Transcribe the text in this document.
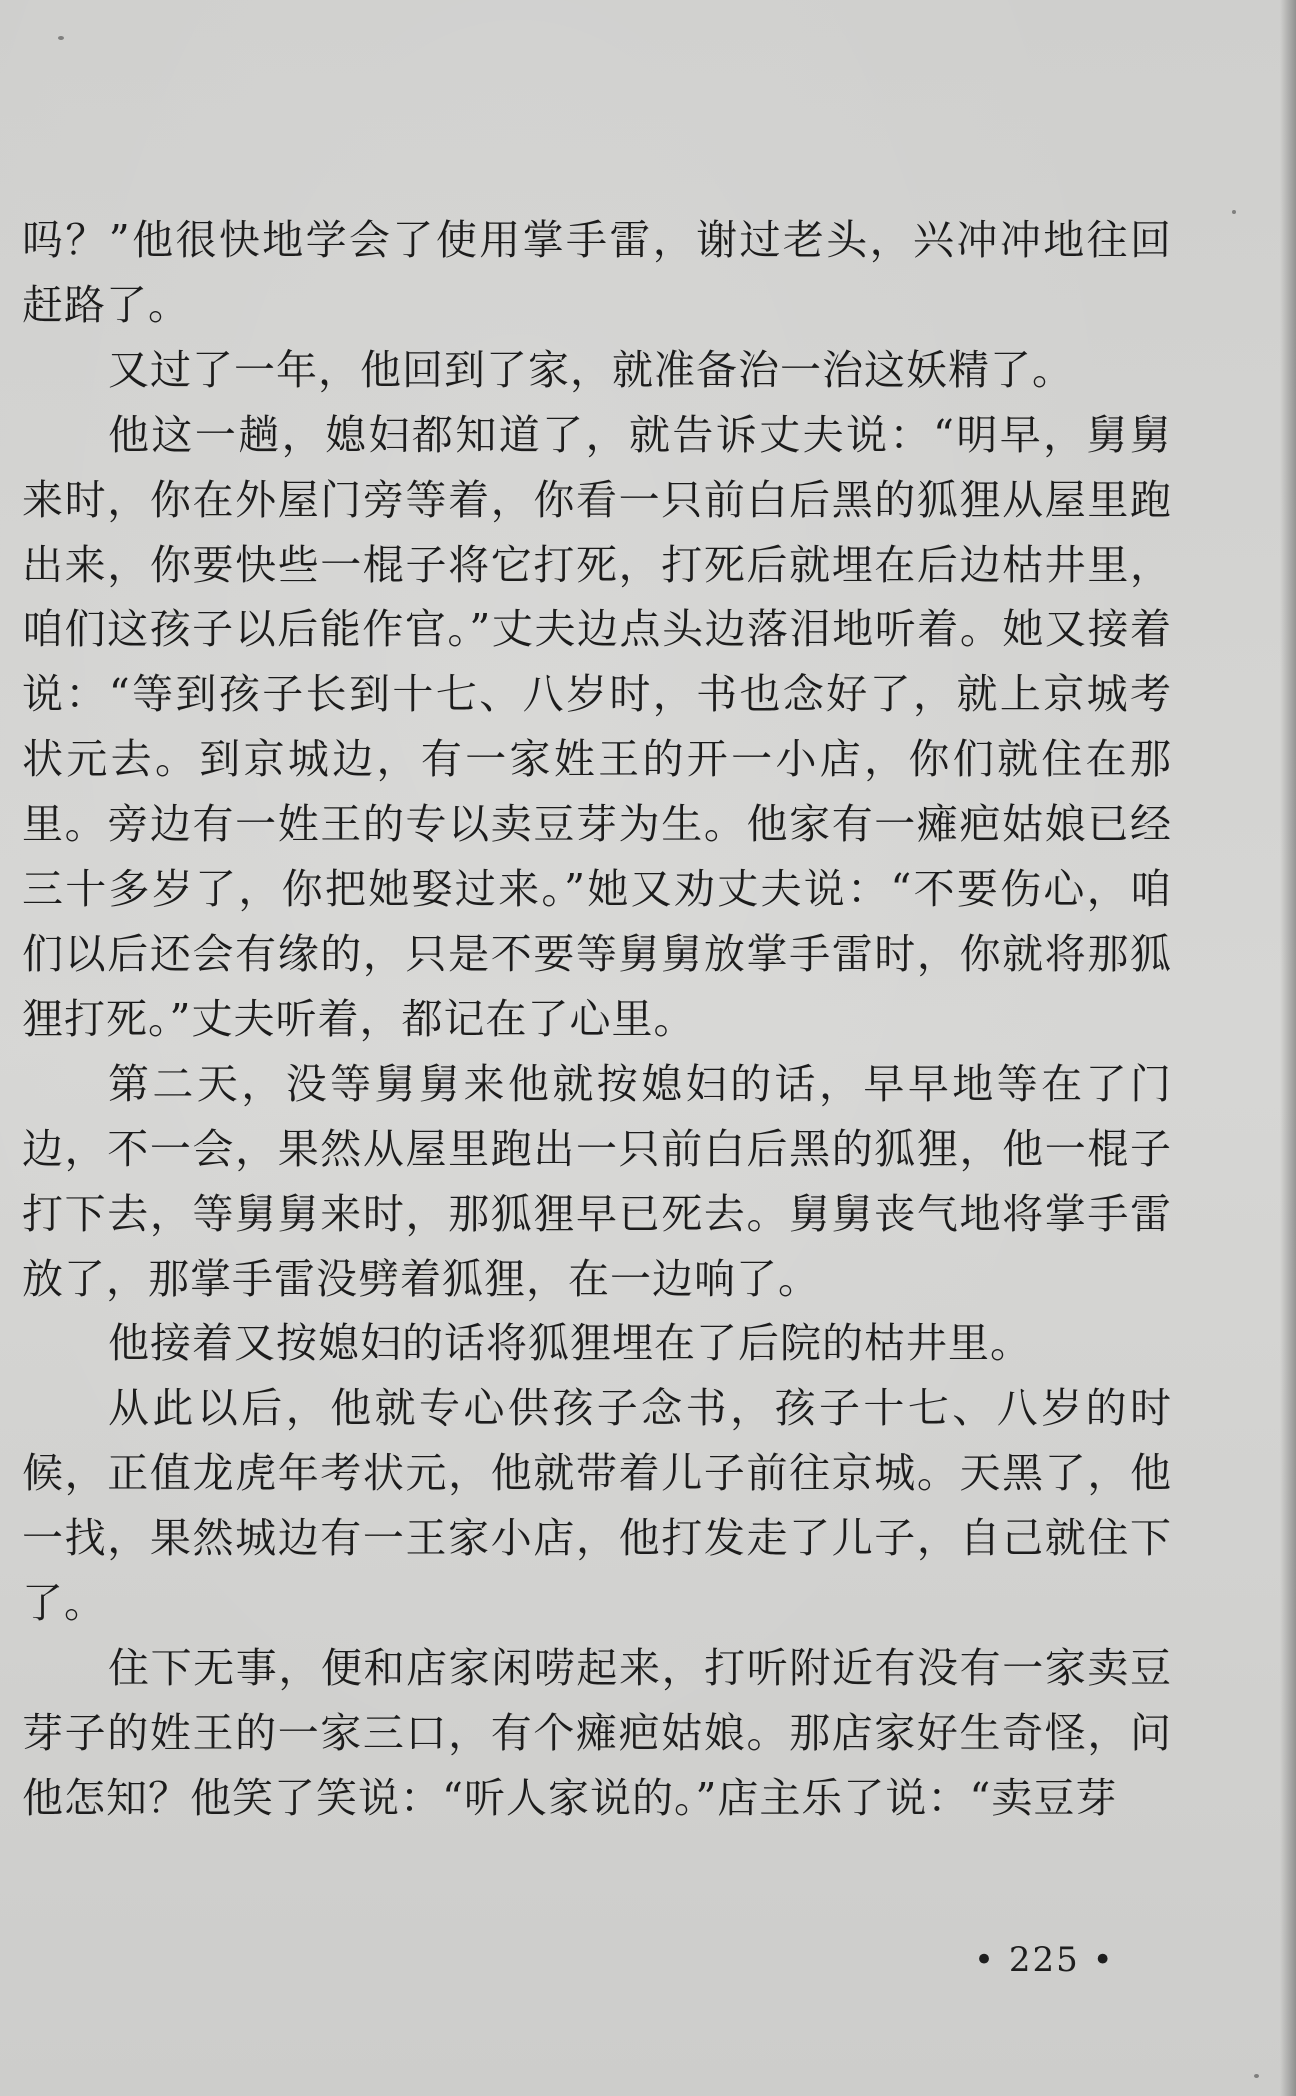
吗？”他很快地学会了使用掌手雷，谢过老头，兴冲冲地往回赶路了。

又过了一年，他回到了家，就准备治一治这妖精了。

他这一趟，媳妇都知道了，就告诉丈夫说：“明早，舅舅来时，你在外屋门旁等着，你看一只前白后黑的狐狸从屋里跑出来，你要快些一棍子将它打死，打死后就埋在后边枯井里，咱们这孩子以后能作官。”丈夫边点头边落泪地听着。她又接着说：“等到孩子长到十七、八岁时，书也念好了，就上京城考状元去。到京城边，有一家姓王的开一小店，你们就住在那里。旁边有一姓王的专以卖豆芽为生。他家有一瘫疤姑娘已经三十多岁了，你把她娶过来。”她又劝丈夫说：“不要伤心，咱们以后还会有缘的，只是不要等舅舅放掌手雷时，你就将那狐狸打死。”丈夫听着，都记在了心里。

第二天，没等舅舅来他就按媳妇的话，早早地等在了门边，不一会，果然从屋里跑出一只前白后黑的狐狸，他一棍子打下去，等舅舅来时，那狐狸早已死去。舅舅丧气地将掌手雷放了，那掌手雷没劈着狐狸，在一边响了。

他接着又按媳妇的话将狐狸埋在了后院的枯井里。

从此以后，他就专心供孩子念书，孩子十七、八岁的时候，正值龙虎年考状元，他就带着儿子前往京城。天黑了，他一找，果然城边有一王家小店，他打发走了儿子，自己就住下了。

住下无事，便和店家闲唠起来，打听附近有没有一家卖豆芽子的姓王的一家三口，有个瘫疤姑娘。那店家好生奇怪，问他怎知？他笑了笑说：“听人家说的。”店主乐了说：“卖豆芽

• 225 •
